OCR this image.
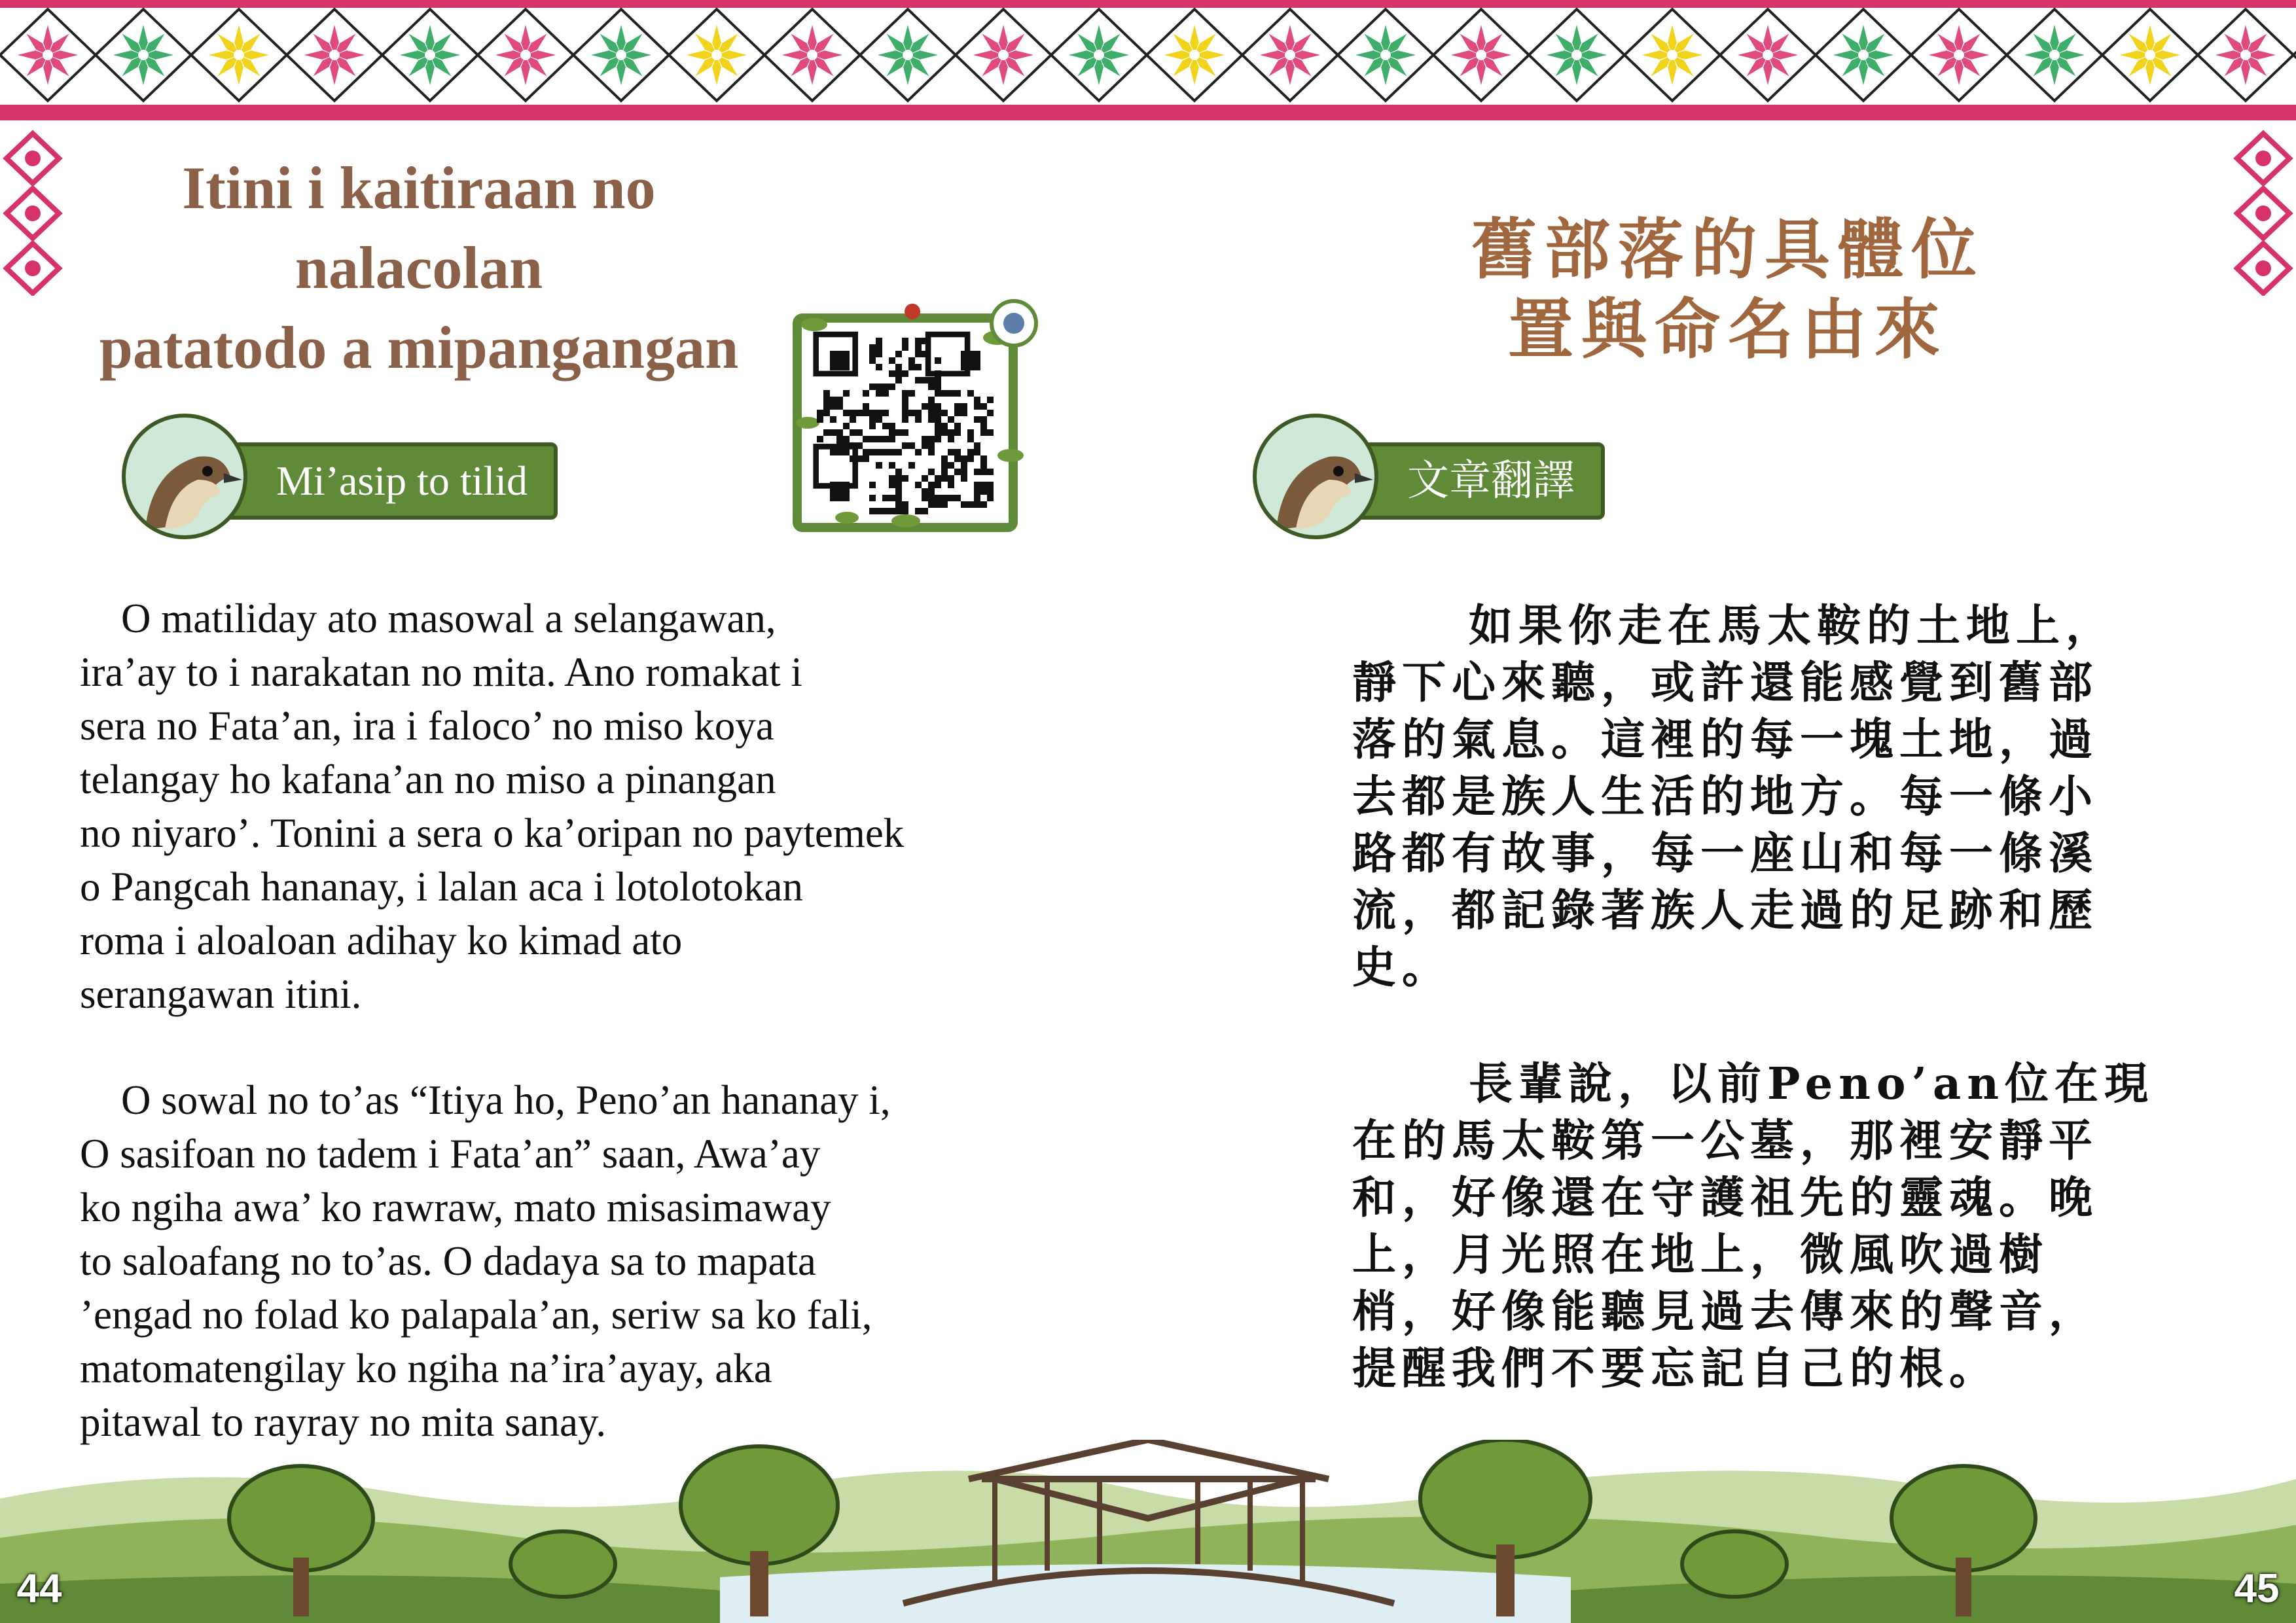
Itini i kaitiraan no
nalacolan
patatodo a mipangangan
Mi’asip to tilid

 O matiliday ato masowal a selangawan,

ira’ay to i narakatan no mita. Ano romakat i

sera no Fata’an, ira i faloco’ no miso koya

telangay ho kafana’an no miso a pinangan

no niyaro’. Tonini a sera o ka’oripan no paytemek

o Pangcah hananay, i lalan aca i lotolotokan

roma i aloaloan adihay ko kimad ato

serangawan itini.

 O sowal no to’as “Itiya ho, Peno’an hananay i,

O sasifoan no tadem i Fata’an” saan, Awa’ay

ko ngiha awa’ ko rawraw, mato misasimaway

to saloafang no to’as. O dadaya sa to mapata

’engad no folad ko palapala’an, seriw sa ko fali,

matomatengilay ko ngiha na’ira’ayay, aka

pitawal to rayray no mita sanay.

舊部落的具體位
置與命名由來
文章翻譯
如果你走在馬太鞍的土地上，
靜下心來聽，或許還能感覺到舊部
落的氣息。這裡的每一塊土地，過
去都是族人生活的地方。每一條小
路都有故事，每一座山和每一條溪
流，都記錄著族人走過的足跡和歷
史。
長輩說，以前Peno’an位在現
在的馬太鞍第一公墓，那裡安靜平
和，好像還在守護祖先的靈魂。晚
上，月光照在地上，微風吹過樹
梢，好像能聽見過去傳來的聲音，
提醒我們不要忘記自己的根。
44	45
